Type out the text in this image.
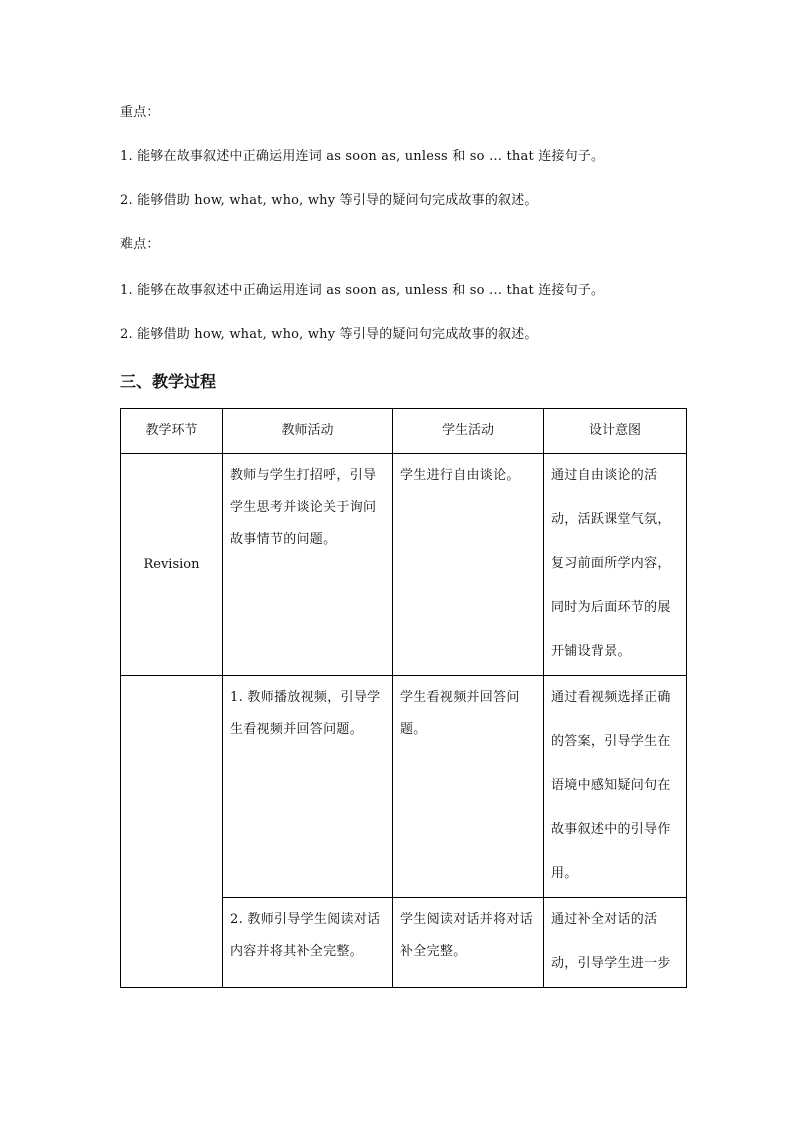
重点：
1. 能够在故事叙述中正确运用连词 as soon as, unless 和 so … that 连接句子。
2. 能够借助 how, what, who, why 等引导的疑问句完成故事的叙述。
难点：
1. 能够在故事叙述中正确运用连词 as soon as, unless 和 so … that 连接句子。
2. 能够借助 how, what, who, why 等引导的疑问句完成故事的叙述。
三、教学过程
教学环节	教师活动	学生活动	设计意图
Revision	教师与学生打招呼，引导学生思考并谈论关于询问故事情节的问题。	学生进行自由谈论。	通过自由谈论的活动，活跃课堂气氛，复习前面所学内容，同时为后面环节的展开铺设背景。

	1. 教师播放视频，引导学生看视频并回答问题。	学生看视频并回答问题。	通过看视频选择正确的答案，引导学生在语境中感知疑问句在故事叙述中的引导作用。

	2. 教师引导学生阅读对话内容并将其补全完整。	学生阅读对话并将对话补全完整。	通过补全对话的活动，引导学生进一步
